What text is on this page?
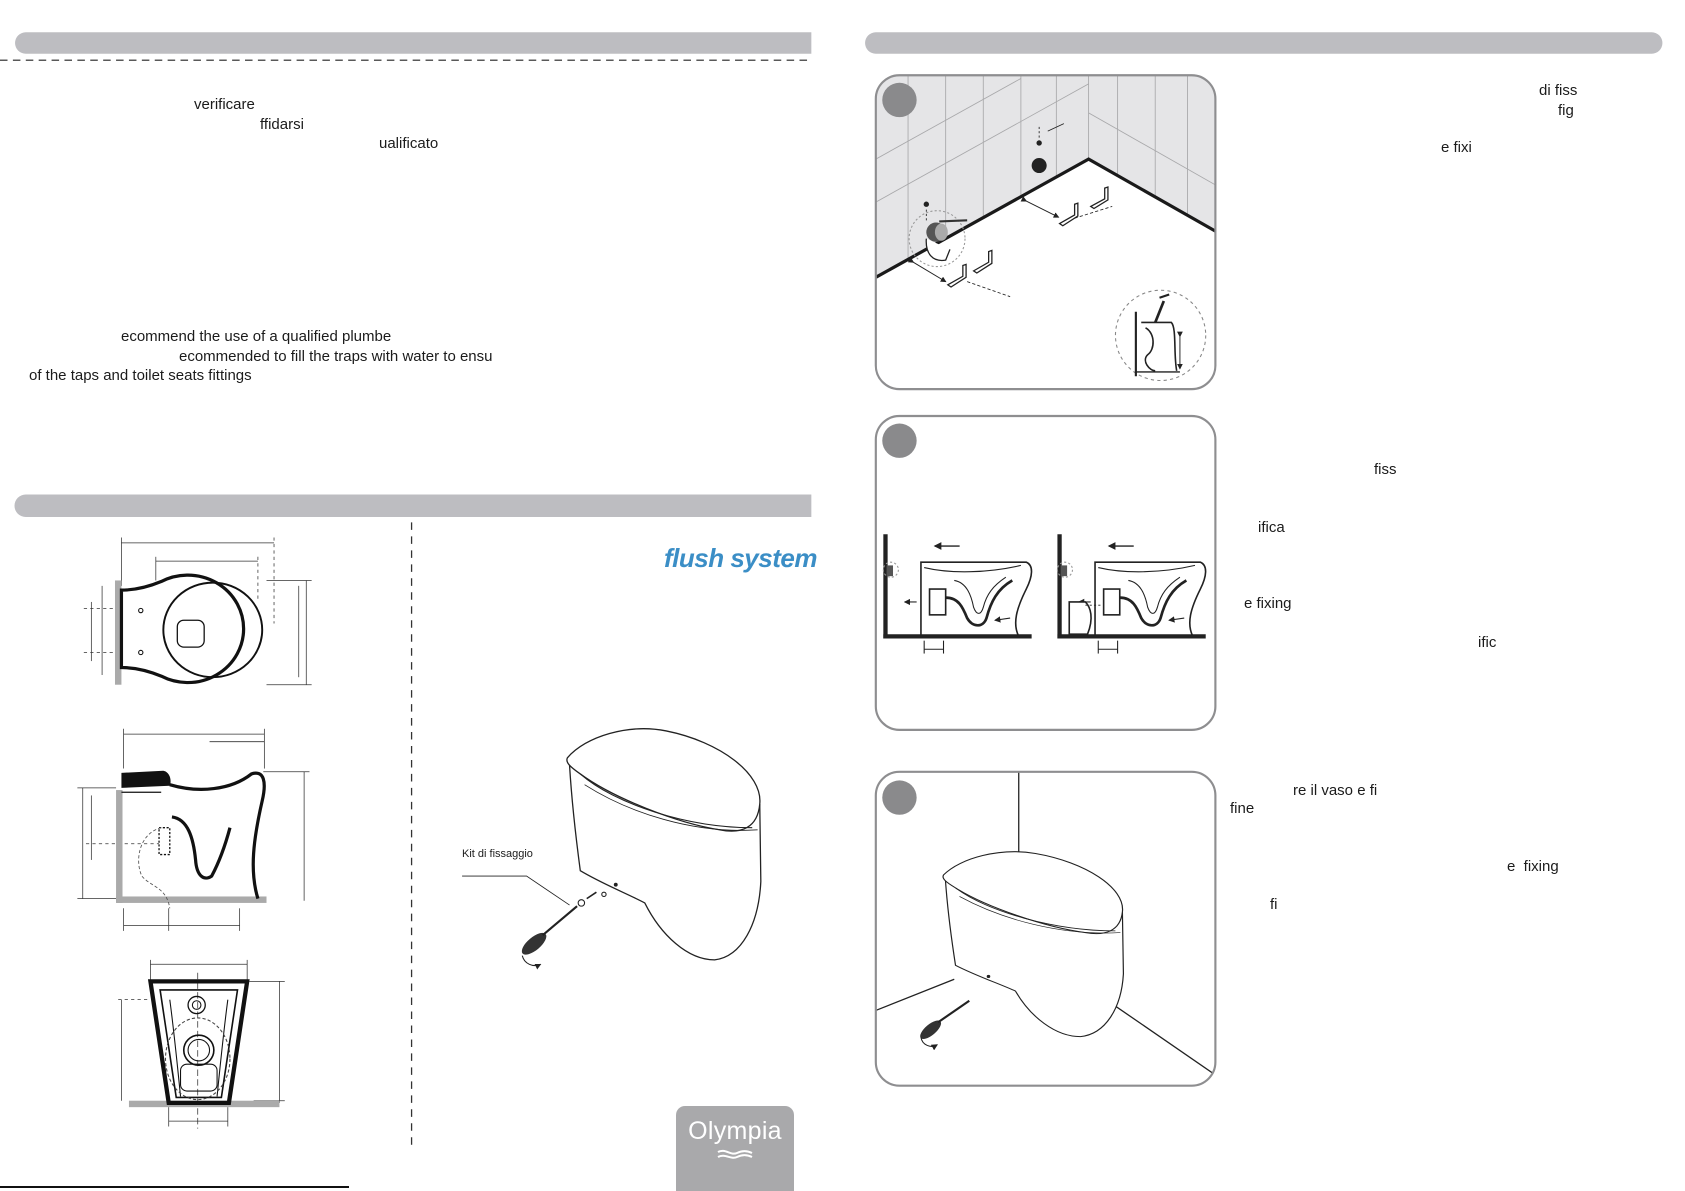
verificare
ffidarsi
ualificato
ecommend the use of a qualified plumbe
ecommended to fill the traps with water to ensu
of the taps and toilet seats fittings
flush system
Kit di fissaggio
di fiss
fig
e fixi
fiss
ifica
e fixing
ific
re il vaso e fi
fine
e  fixing
fi
Olympia
